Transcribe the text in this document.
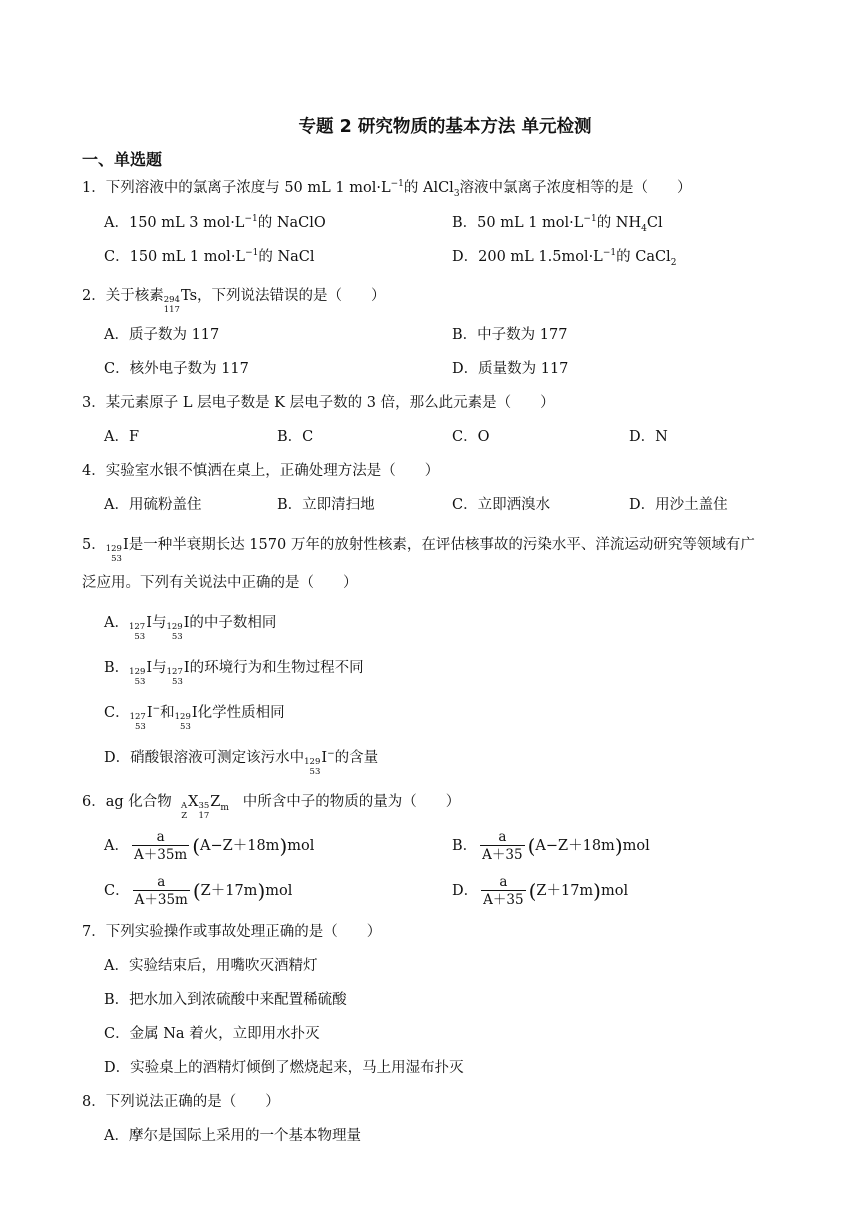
专题 2 研究物质的基本方法 单元检测
一、单选题
1．下列溶液中的氯离子浓度与 50 mL 1 $mol\cdot L^{-1}$的 AlCl$_3$溶液中氯离子浓度相等的是（　　）
A．150 mL 3 $mol\cdot L^{-1}$的 NaClO	B．50 mL 1 $mol\cdot L^{-1}$的 $NH_4Cl$
C．150 mL 1 $mol\cdot L^{-1}$的 NaCl	D．200 mL $1.5mol\cdot L^{-1}$的 CaCl$_2$
2．关于核素 294
117
Ts，下列说法错误的是（　　）
A．质子数为 117	B．中子数为 177
C．核外电子数为 117	D．质量数为 117
3．某元素原子 L 层电子数是 K 层电子数的 3 倍，那么此元素是（　　）
A．F	B．C	C．O	D．N
4．实验室水银不慎洒在桌上，正确处理方法是（　　）
A．用硫粉盖住	B．立即清扫地	C．立即洒溴水	D．用沙土盖住
5． 129
53
I是一种半衰期长达 1570 万年的放射性核素，在评估核事故的污染水平、洋流运动研究等领域有广
泛应用。下列有关说法中正确的是（　　）
A． 127
53
I与 129
53
I的中子数相同
B． 129
53
I与 127
53
I的环境行为和生物过程不同
C． 127
53
I−和 129
53
I化学性质相同
D．硝酸银溶液可测定该污水中 129
53
I−的含量
6．ag 化合物 A
Z
X 35
17
$Z_m$ 中所含中子的物质的量为（　　）
A． $\frac{a}{A+35m} (A-Z+18m)mol$	B． $\frac{a}{A+35} (A-Z+18m)mol$
C． $\frac{a}{A+35m} (Z+17m)mol$	D． $\frac{a}{A+35} (Z+17m)mol$
7．下列实验操作或事故处理正确的是（　　）
A．实验结束后，用嘴吹灭酒精灯
B．把水加入到浓硫酸中来配置稀硫酸
C．金属 Na 着火，立即用水扑灭
D．实验桌上的酒精灯倾倒了燃烧起来，马上用湿布扑灭
8．下列说法正确的是（　　）
A．摩尔是国际上采用的一个基本物理量
